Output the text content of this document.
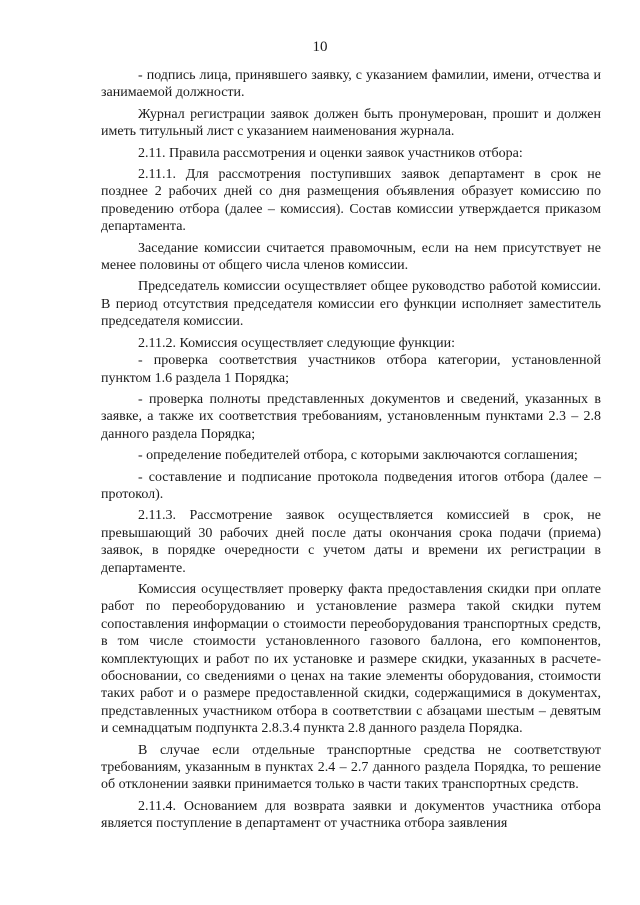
10

- подпись лица, принявшего заявку, с указанием фамилии, имени, отчества и занимаемой должности.

Журнал регистрации заявок должен быть пронумерован, прошит и должен иметь титульный лист с указанием наименования журнала.

2.11. Правила рассмотрения и оценки заявок участников отбора:

2.11.1. Для рассмотрения поступивших заявок департамент в срок не позднее 2 рабочих дней со дня размещения объявления образует комиссию по проведению отбора (далее – комиссия). Состав комиссии утверждается приказом департамента.

Заседание комиссии считается правомочным, если на нем присутствует не менее половины от общего числа членов комиссии.

Председатель комиссии осуществляет общее руководство работой комиссии. В период отсутствия председателя комиссии его функции исполняет заместитель председателя комиссии.

2.11.2. Комиссия осуществляет следующие функции:

- проверка соответствия участников отбора категории, установленной пунктом 1.6 раздела 1 Порядка;

- проверка полноты представленных документов и сведений, указанных в заявке, а также их соответствия требованиям, установленным пунктами 2.3 – 2.8 данного раздела Порядка;

- определение победителей отбора, с которыми заключаются соглашения;

- составление и подписание протокола подведения итогов отбора (далее – протокол).

2.11.3. Рассмотрение заявок осуществляется комиссией в срок, не превышающий 30 рабочих дней после даты окончания срока подачи (приема) заявок, в порядке очередности с учетом даты и времени их регистрации в департаменте.

Комиссия осуществляет проверку факта предоставления скидки при оплате работ по переоборудованию и установление размера такой скидки путем сопоставления информации о стоимости переоборудования транспортных средств, в том числе стоимости установленного газового баллона, его компонентов, комплектующих и работ по их установке и размере скидки, указанных в расчете-обосновании, со сведениями о ценах на такие элементы оборудования, стоимости таких работ и о размере предоставленной скидки, содержащимися в документах, представленных участником отбора в соответствии с абзацами шестым – девятым и семнадцатым подпункта 2.8.3.4 пункта 2.8 данного раздела Порядка.

В случае если отдельные транспортные средства не соответствуют требованиям, указанным в пунктах 2.4 – 2.7 данного раздела Порядка, то решение об отклонении заявки принимается только в части таких транспортных средств.

2.11.4. Основанием для возврата заявки и документов участника отбора является поступление в департамент от участника отбора заявления
